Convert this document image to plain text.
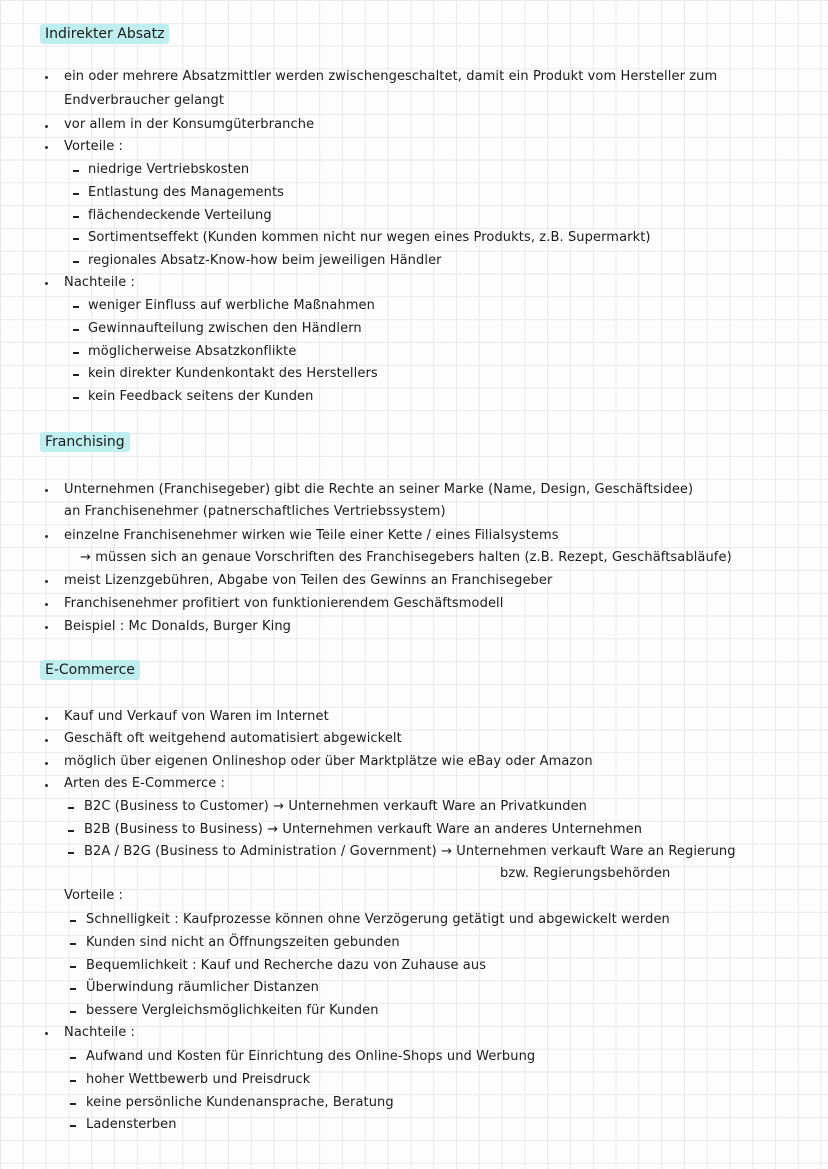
Indirekter Absatz
ein oder mehrere Absatzmittler werden zwischengeschaltet, damit ein Produkt vom Hersteller zum
Endverbraucher gelangt
vor allem in der Konsumgüterbranche
Vorteile :
niedrige Vertriebskosten
Entlastung des Managements
flächendeckende Verteilung
Sortimentseffekt (Kunden kommen nicht nur wegen eines Produkts, z.B. Supermarkt)
regionales Absatz-Know-how beim jeweiligen Händler
Nachteile :
weniger Einfluss auf werbliche Maßnahmen
Gewinnaufteilung zwischen den Händlern
möglicherweise Absatzkonflikte
kein direkter Kundenkontakt des Herstellers
kein Feedback seitens der Kunden
Franchising
Unternehmen (Franchisegeber) gibt die Rechte an seiner Marke (Name, Design, Geschäftsidee)
an Franchisenehmer (patnerschaftliches Vertriebssystem)
einzelne Franchisenehmer wirken wie Teile einer Kette / eines Filialsystems
→ müssen sich an genaue Vorschriften des Franchisegebers halten (z.B. Rezept, Geschäftsabläufe)
meist Lizenzgebühren, Abgabe von Teilen des Gewinns an Franchisegeber
Franchisenehmer profitiert von funktionierendem Geschäftsmodell
Beispiel : Mc Donalds, Burger King
E-Commerce
Kauf und Verkauf von Waren im Internet
Geschäft oft weitgehend automatisiert abgewickelt
möglich über eigenen Onlineshop oder über Marktplätze wie eBay oder Amazon
Arten des E-Commerce :
B2C (Business to Customer) → Unternehmen verkauft Ware an Privatkunden
B2B (Business to Business) → Unternehmen verkauft Ware an anderes Unternehmen
B2A / B2G (Business to Administration / Government) → Unternehmen verkauft Ware an Regierung
bzw. Regierungsbehörden
Vorteile :
Schnelligkeit : Kaufprozesse können ohne Verzögerung getätigt und abgewickelt werden
Kunden sind nicht an Öffnungszeiten gebunden
Bequemlichkeit : Kauf und Recherche dazu von Zuhause aus
Überwindung räumlicher Distanzen
bessere Vergleichsmöglichkeiten für Kunden
Nachteile :
Aufwand und Kosten für Einrichtung des Online-Shops und Werbung
hoher Wettbewerb und Preisdruck
keine persönliche Kundenansprache, Beratung
Ladensterben
